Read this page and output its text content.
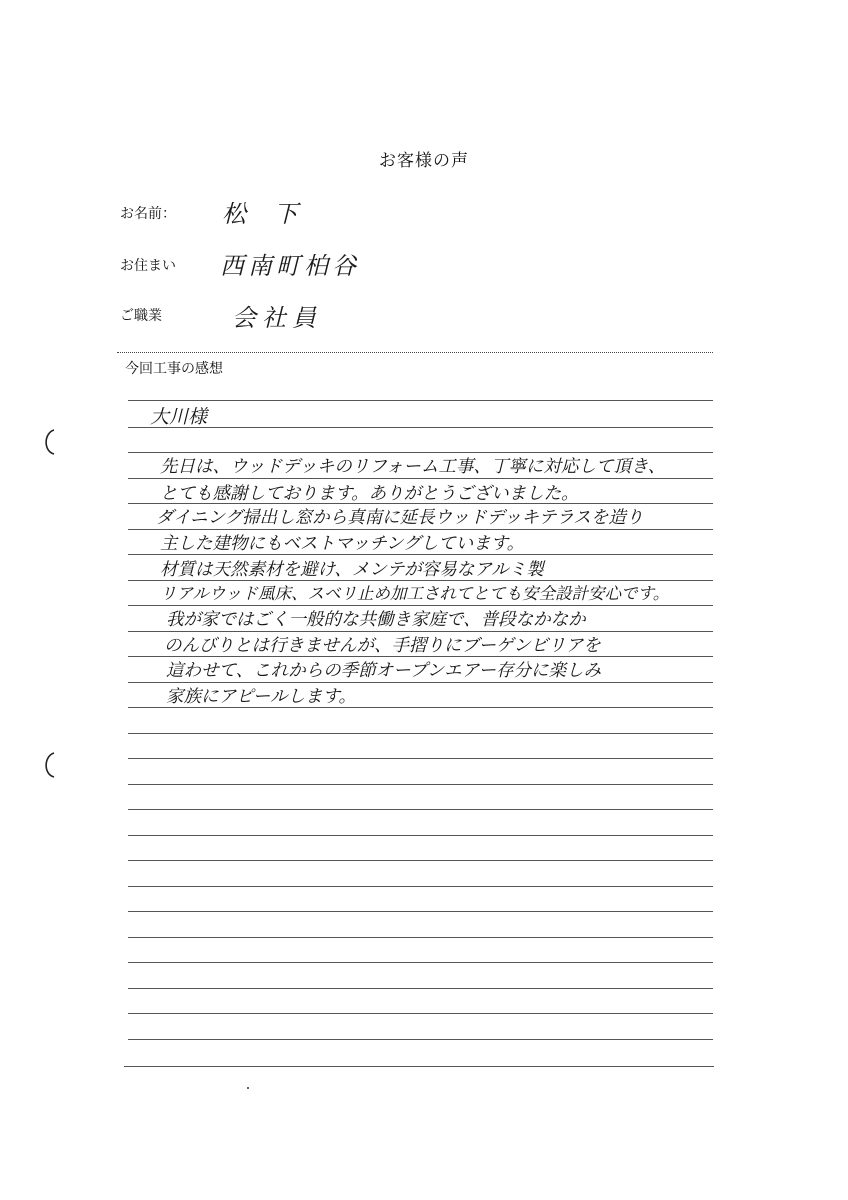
お客様の声
お名前： 松 下
お住まい 西南町柏谷
ご職業	会社員
今回工事の感想
大川様
先日は、ウッドデッキのリフォーム工事、丁寧に対応して頂き、
とても感謝しております。ありがとうございました。
ダイニング掃出し窓から真南に延長ウッドデッキテラスを造り
主した建物にもベストマッチングしています。
材質は天然素材を避け、メンテが容易なアルミ製
リアルウッド風床、スベリ止め加工されてとても安全設計安心です。
我が家ではごく一般的な共働き家庭で、普段なかなか
のんびりとは行きませんが、手摺りにブーゲンビリアを
這わせて、これからの季節オープンエアー存分に楽しみ
家族にアピールします。
